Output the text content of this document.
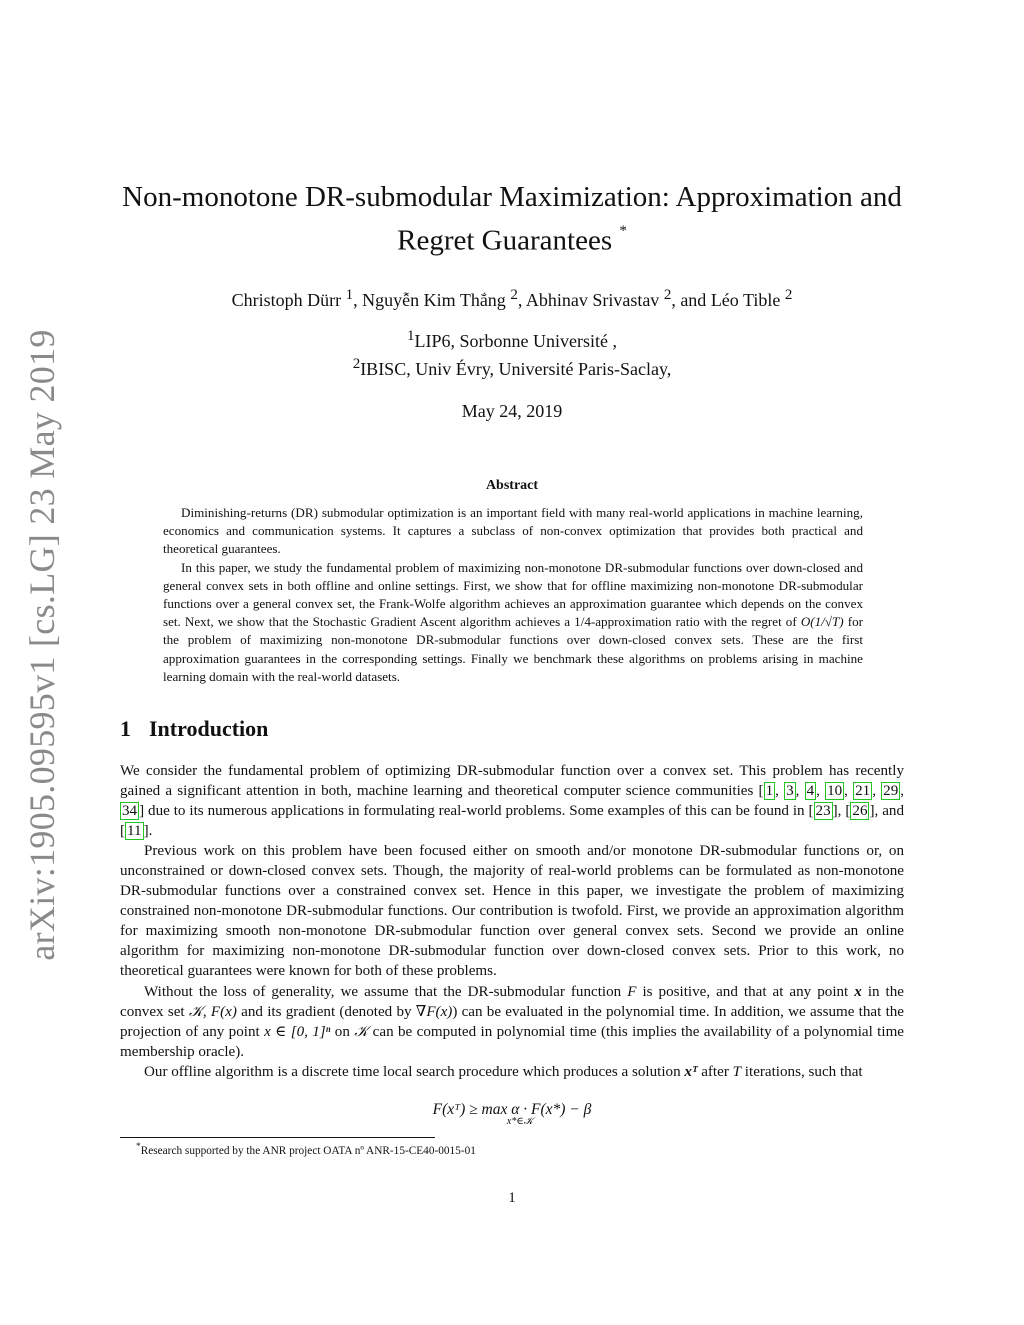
arXiv:1905.09595v1 [cs.LG] 23 May 2019
Non-monotone DR-submodular Maximization: Approximation and
Regret Guarantees *
Christoph Dürr $^1$, Nguyễn Kim Thắng $^2$, Abhinav Srivastav $^2$, and Léo Tible $^2$
$^1$LIP6, Sorbonne Université ,
$^2$IBISC, Univ Évry, Université Paris-Saclay,
May 24, 2019
Abstract

Diminishing-returns (DR) submodular optimization is an important field with many real-world applications in machine learning, economics and communication systems. It captures a subclass of non-convex optimization that provides both practical and theoretical guarantees.

In this paper, we study the fundamental problem of maximizing non-monotone DR-submodular functions over down-closed and general convex sets in both offline and online settings. First, we show that for offline maximizing non-monotone DR-submodular functions over a general convex set, the Frank-Wolfe algorithm achieves an approximation guarantee which depends on the convex set. Next, we show that the Stochastic Gradient Ascent algorithm achieves a 1/4-approximation ratio with the regret of O(1/√T) for the problem of maximizing non-monotone DR-submodular functions over down-closed convex sets. These are the first approximation guarantees in the corresponding settings. Finally we benchmark these algorithms on problems arising in machine learning domain with the real-world datasets.

1 Introduction

We consider the fundamental problem of optimizing DR-submodular function over a convex set. This problem has recently gained a significant attention in both, machine learning and theoretical computer science communities [ 1 , 3 , 4 , 10 , 21 , 29 , 34 ] due to its numerous applications in formulating real-world problems. Some examples of this can be found in [ 23 ], [ 26 ], and [ 11 ].

Previous work on this problem have been focused either on smooth and/or monotone DR-submodular functions or, on unconstrained or down-closed convex sets. Though, the majority of real-world problems can be formulated as non-monotone DR-submodular functions over a constrained convex set. Hence in this paper, we investigate the problem of maximizing constrained non-monotone DR-submodular functions. Our contribution is twofold. First, we provide an approximation algorithm for maximizing smooth non-monotone DR-submodular function over general convex sets. Second we provide an online algorithm for maximizing non-monotone DR-submodular function over down-closed convex sets. Prior to this work, no theoretical guarantees were known for both of these problems.

Without the loss of generality, we assume that the DR-submodular function F is positive, and that at any point x in the convex set 𝒦, F(x) and its gradient (denoted by ∇F(x)) can be evaluated in the polynomial time. In addition, we assume that the projection of any point x ∈ [0, 1]ⁿ on 𝒦 can be computed in polynomial time (this implies the availability of a polynomial time membership oracle).

Our offline algorithm is a discrete time local search procedure which produces a solution xᵀ after T iterations, such that

F(xᵀ) ≥ max α · F(x*) − β
x*∈𝒦
*Research supported by the ANR project OATA nº ANR-15-CE40-0015-01
1
